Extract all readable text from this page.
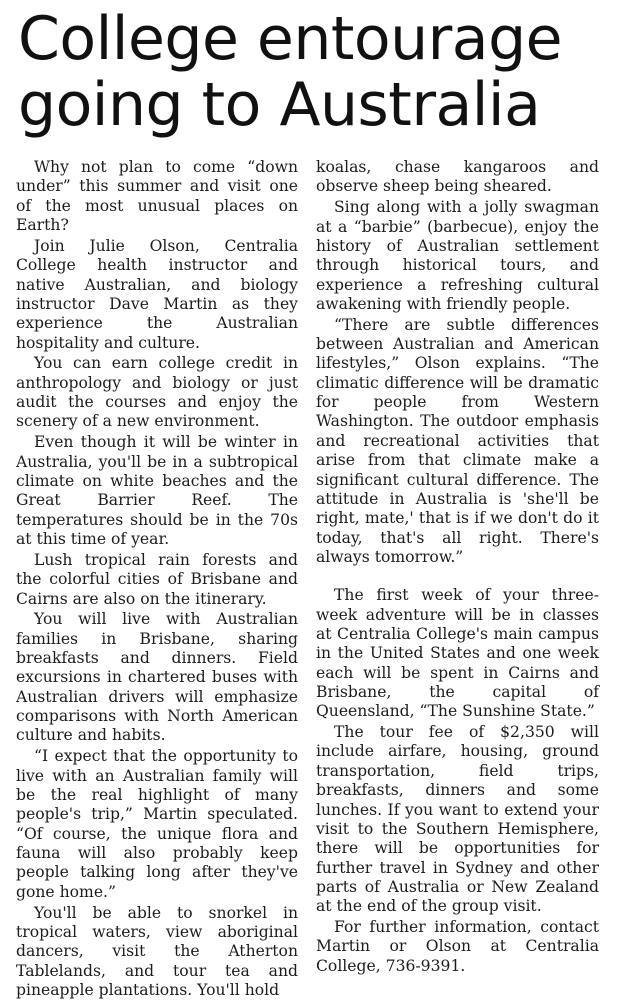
College entourage
going to Australia

Why not plan to come “down under” this summer and visit one of the most unusual places on Earth?

Join Julie Olson, Centralia College health instructor and native Australian, and biology instructor Dave Martin as they experience the Australian hospitality and culture.

You can earn college credit in anthropology and biology or just audit the courses and enjoy the scenery of a new environment.

Even though it will be winter in Australia, you'll be in a subtropical climate on white beaches and the Great Barrier Reef. The temperatures should be in the 70s at this time of year.

Lush tropical rain forests and the colorful cities of Brisbane and Cairns are also on the itinerary.

You will live with Australian families in Brisbane, sharing breakfasts and dinners. Field excursions in chartered buses with Australian drivers will emphasize comparisons with North American culture and habits.

“I expect that the opportunity to live with an Australian family will be the real highlight of many people's trip,” Martin speculated. “Of course, the unique flora and fauna will also probably keep people talking long after they've gone home.”

You'll be able to snorkel in tropical waters, view aboriginal dancers, visit the Atherton Tablelands, and tour tea and pineapple plantations. You'll hold

koalas, chase kangaroos and observe sheep being sheared.

Sing along with a jolly swagman at a “barbie” (barbecue), enjoy the history of Australian settlement through historical tours, and experience a refreshing cultural awakening with friendly people.

“There are subtle differences between Australian and American lifestyles,” Olson explains. “The climatic difference will be dramatic for people from Western Washington. The outdoor emphasis and recreational activities that arise from that climate make a significant cultural difference. The attitude in Australia is 'she'll be right, mate,' that is if we don't do it today, that's all right. There's always tomorrow.”

The first week of your three-week adventure will be in classes at Centralia College's main campus in the United States and one week each will be spent in Cairns and Brisbane, the capital of Queensland, “The Sunshine State.”

The tour fee of $2,350 will include airfare, housing, ground transportation, field trips, breakfasts, dinners and some lunches. If you want to extend your visit to the Southern Hemisphere, there will be opportunities for further travel in Sydney and other parts of Australia or New Zealand at the end of the group visit.

For further information, contact Martin or Olson at Centralia College, 736-9391.
